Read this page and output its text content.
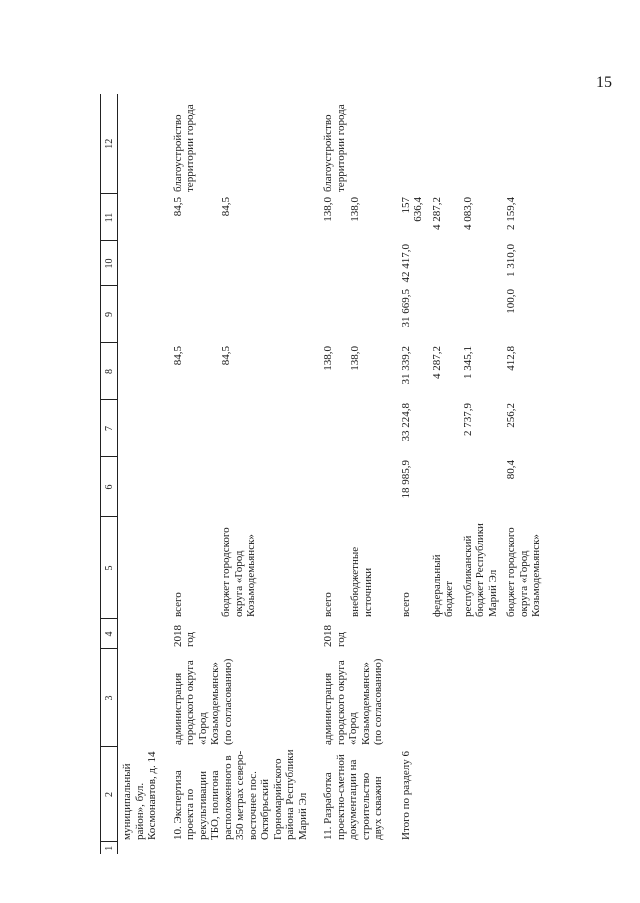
15
1	2	3	4	5	6	7	8	9	10	11	12
	муниципальный район», бул. Космонавтов, д. 14										
	10. Экспертиза проекта по рекультивации ТБО, полигона расположенного в 350 метрах северо-восточнее пос. Октябрьский Горномарийского района Республики Марий Эл	администрация городского округа «Город Козьмодемьянск» (по согласованию)	2018 год	всего			84,5			84,5	благоустройство территории города
				бюджет городского округа «Город Козьмодемьянск»			84,5			84,5	
	11. Разработка проектно-сметной документации на строительство двух скважин	администрация городского округа «Город Козьмодемьянск» (по согласованию)	2018 год	всего			138,0			138,0	благоустройство территории города
				внебюджетные источники			138,0			138,0	
	Итого по разделу 6			всего	18 985,9	33 224,8	31 339,2	31 669,5	42 417,0	157 636,4	
				федеральный бюджет			4 287,2			4 287,2	
				республиканский бюджет Республики Марий Эл		2 737,9	1 345,1			4 083,0	
				бюджет городского округа «Город Козьмодемьянск»	80,4	256,2	412,8	100,0	1 310,0	2 159,4	
